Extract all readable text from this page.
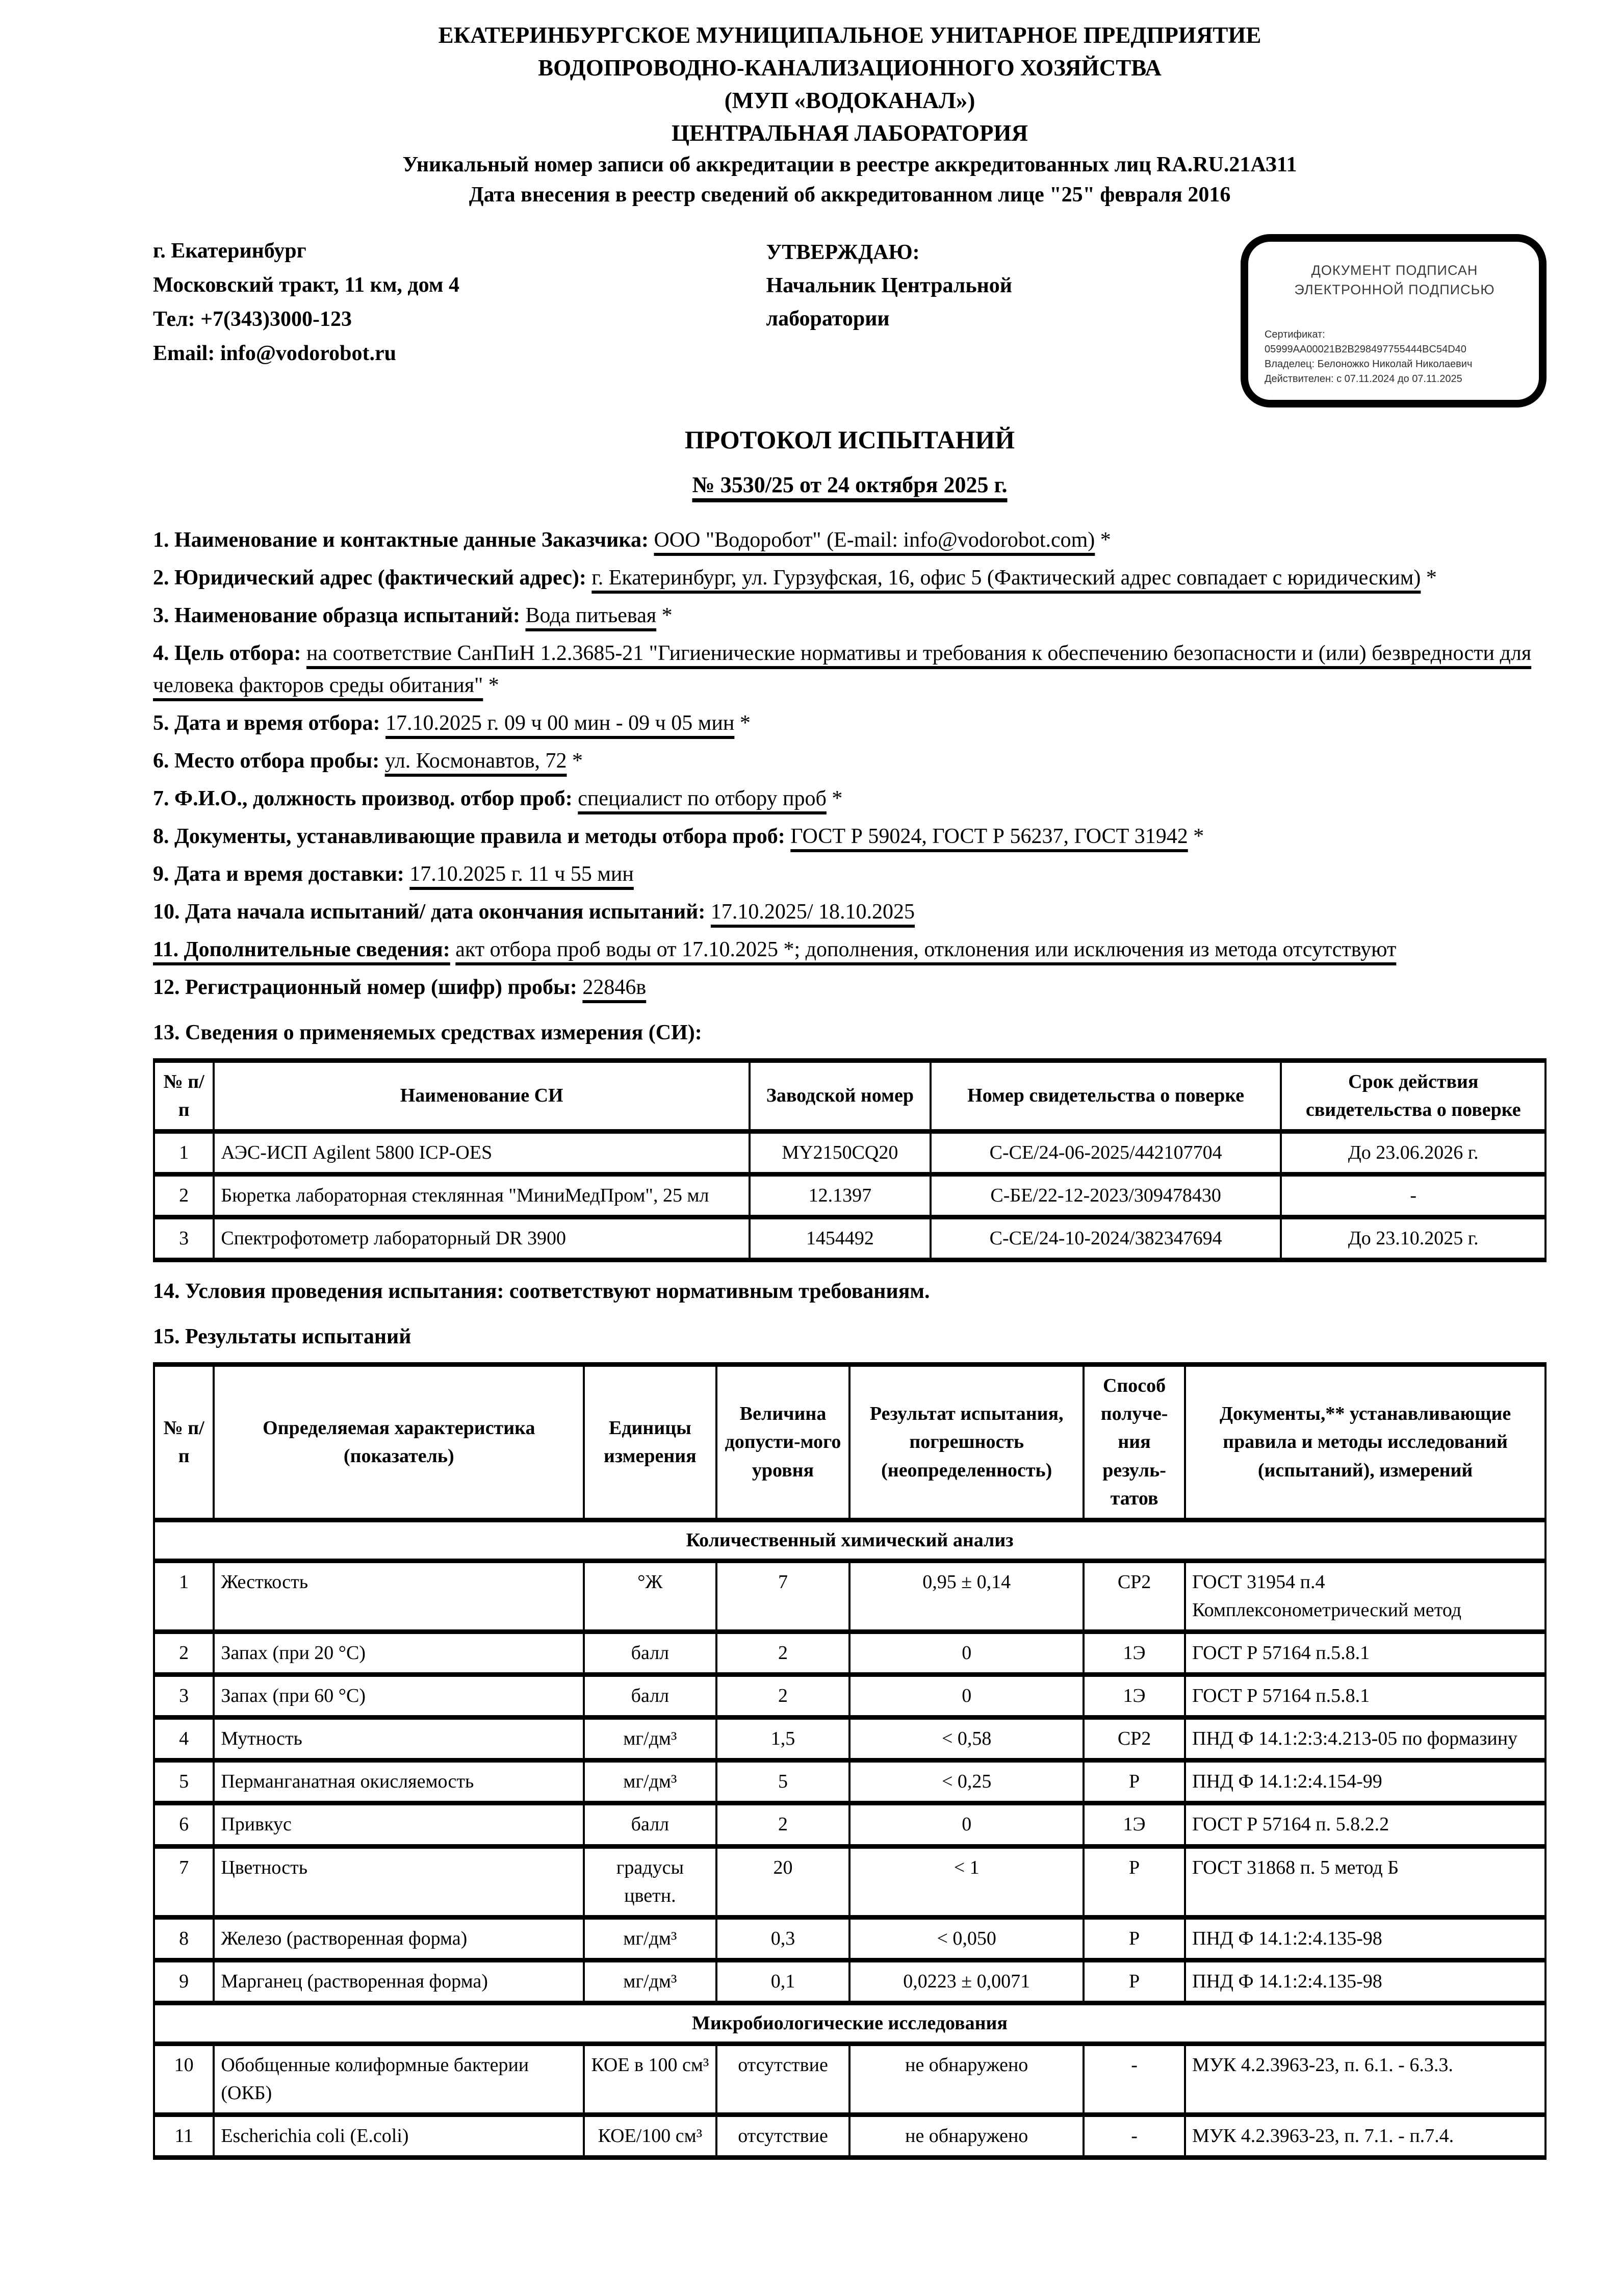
ЕКАТЕРИНБУРГСКОЕ МУНИЦИПАЛЬНОЕ УНИТАРНОЕ ПРЕДПРИЯТИЕ
ВОДОПРОВОДНО-КАНАЛИЗАЦИОННОГО ХОЗЯЙСТВА
(МУП «ВОДОКАНАЛ»)
ЦЕНТРАЛЬНАЯ ЛАБОРАТОРИЯ
Уникальный номер записи об аккредитации в реестре аккредитованных лиц RA.RU.21АЗ11
Дата внесения в реестр сведений об аккредитованном лице "25" февраля 2016
г. Екатеринбург
Московский тракт, 11 км, дом 4
Тел: +7(343)3000-123
Email: info@vodorobot.ru
УТВЕРЖДАЮ:
Начальник Центральной лаборатории
ДОКУМЕНТ ПОДПИСАН
ЭЛЕКТРОННОЙ ПОДПИСЬЮ
Сертификат: 05999AA00021B2B298497755444BC54D40
Владелец: Белоножко Николай Николаевич
Действителен: с 07.11.2024 до 07.11.2025
ПРОТОКОЛ ИСПЫТАНИЙ
№ 3530/25 от 24 октября 2025 г.

1. Наименование и контактные данные Заказчика: ООО "Водоробот" (E-mail: info@vodorobot.com) *

2. Юридический адрес (фактический адрес): г. Екатеринбург, ул. Гурзуфская, 16, офис 5 (Фактический адрес совпадает с юридическим) *

3. Наименование образца испытаний: Вода питьевая *

4. Цель отбора: на соответствие СанПиН 1.2.3685-21 "Гигиенические нормативы и требования к обеспечению безопасности и (или) безвредности для человека факторов среды обитания" *

5. Дата и время отбора: 17.10.2025 г. 09 ч 00 мин - 09 ч 05 мин *

6. Место отбора пробы: ул. Космонавтов, 72 *

7. Ф.И.О., должность производ. отбор проб: специалист по отбору проб *

8. Документы, устанавливающие правила и методы отбора проб: ГОСТ Р 59024, ГОСТ Р 56237, ГОСТ 31942 *

9. Дата и время доставки: 17.10.2025 г. 11 ч 55 мин

10. Дата начала испытаний/ дата окончания испытаний: 17.10.2025/ 18.10.2025

11. Дополнительные сведения: акт отбора проб воды от 17.10.2025 *; дополнения, отклонения или исключения из метода отсутствуют

12. Регистрационный номер (шифр) пробы: 22846в

13. Сведения о применяемых средствах измерения (СИ):

№ п/п	Наименование СИ	Заводской номер	Номер свидетельства о поверке	Срок действия свидетельства о поверке
1	АЭС-ИСП Agilent 5800 ICP-OES	MY2150CQ20	С-СЕ/24-06-2025/442107704	До 23.06.2026 г.
2	Бюретка лабораторная стеклянная "МиниМедПром", 25 мл	12.1397	С-БЕ/22-12-2023/309478430	-
3	Спектрофотометр лабораторный DR 3900	1454492	С-СЕ/24-10-2024/382347694	До 23.10.2025 г.

14. Условия проведения испытания: соответствуют нормативным требованиям.

15. Результаты испытаний

№ п/п	Определяемая характеристика (показатель)	Единицы измерения	Величина допусти-мого уровня	Результат испытания, погрешность (неопределенность)	Способ получе-ния резуль-татов	Документы,** устанавливающие правила и методы исследований (испытаний), измерений
Количественный химический анализ						
1	Жесткость	°Ж	7	0,95 ± 0,14	СР2	ГОСТ 31954 п.4 Комплексонометрический метод
2	Запах (при 20 °С)	балл	2	0	1Э	ГОСТ Р 57164 п.5.8.1
3	Запах (при 60 °С)	балл	2	0	1Э	ГОСТ Р 57164 п.5.8.1
4	Мутность	мг/дм³	1,5	< 0,58	СР2	ПНД Ф 14.1:2:3:4.213-05 по формазину
5	Перманганатная окисляемость	мг/дм³	5	< 0,25	Р	ПНД Ф 14.1:2:4.154-99
6	Привкус	балл	2	0	1Э	ГОСТ Р 57164 п. 5.8.2.2
7	Цветность	градусы цветн.	20	< 1	Р	ГОСТ 31868 п. 5 метод Б
8	Железо (растворенная форма)	мг/дм³	0,3	< 0,050	Р	ПНД Ф 14.1:2:4.135-98
9	Марганец (растворенная форма)	мг/дм³	0,1	0,0223 ± 0,0071	Р	ПНД Ф 14.1:2:4.135-98
Микробиологические исследования						
10	Обобщенные колиформные бактерии (ОКБ)	КОЕ в 100 см³	отсутствие	не обнаружено	-	МУК 4.2.3963-23, п. 6.1. - 6.3.3.
11	Escherichia coli (E.coli)	КОЕ/100 см³	отсутствие	не обнаружено	-	МУК 4.2.3963-23, п. 7.1. - п.7.4.
